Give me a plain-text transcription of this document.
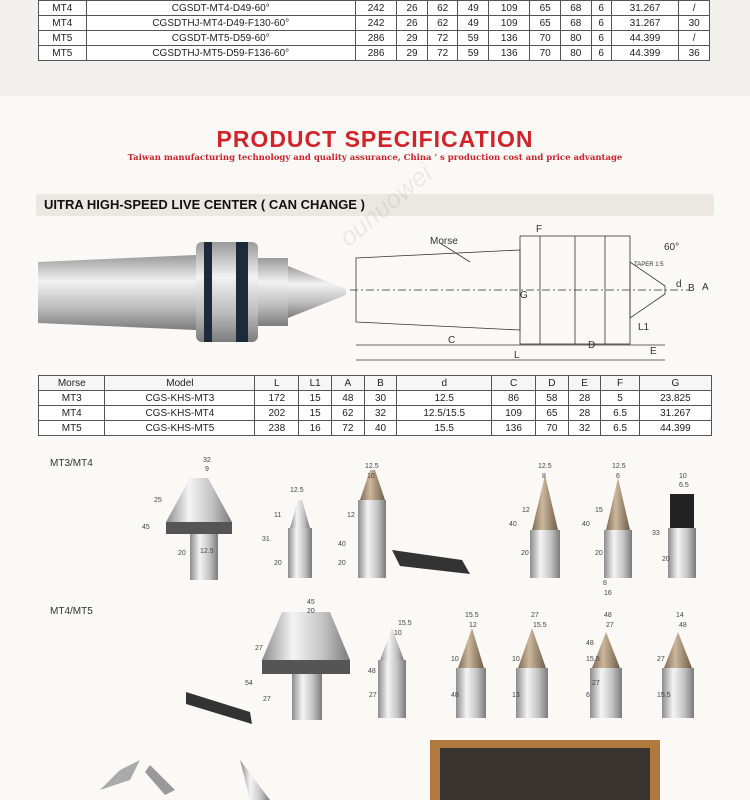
MT4	CGSDT-MT4-D49-60°	242	26	62	49	109	65	68	6	31.267	/
MT4	CGSDTHJ-MT4-D49-F130-60°	242	26	62	49	109	65	68	6	31.267	30
MT5	CGSDT-MT5-D59-60°	286	29	72	59	136	70	80	6	44.399	/
MT5	CGSDTHJ-MT5-D59-F136-60°	286	29	72	59	136	70	80	6	44.399	36
PRODUCT SPECIFICATION
Taiwan manufacturing technology and quality assurance, China ' s production cost and price advantage
UITRA HIGH-SPEED LIVE CENTER ( CAN CHANGE )
Morse
F
60°
G
d B A
TAPER 1:5
L1
C	D
L	E
Morse	Model	L	L1	A	B	d	C	D	E	F	G
MT3	CGS-KHS-MT3	172	15	48	30	12.5	86	58	28	5	23.825
MT4	CGS-KHS-MT4	202	15	62	32	12.5/15.5	109	65	28	6.5	31.267
MT5	CGS-KHS-MT5	238	16	72	40	15.5	136	70	32	6.5	44.399
MT3/MT4
MT4/MT5
32
9
25
45
20 12.5
12.5
11
31
20
12.5
10
12
40
20
12.5
8
40
12
20
12.5
6
40
15
20
10
6.5
33
20
45
20
27
54
27
15.5
10
48
27
15.5
12
10
48
27
15.5
10
13
48
27
15.5
6
14
48
27
15.5
8
16
48
27
ounuowei
